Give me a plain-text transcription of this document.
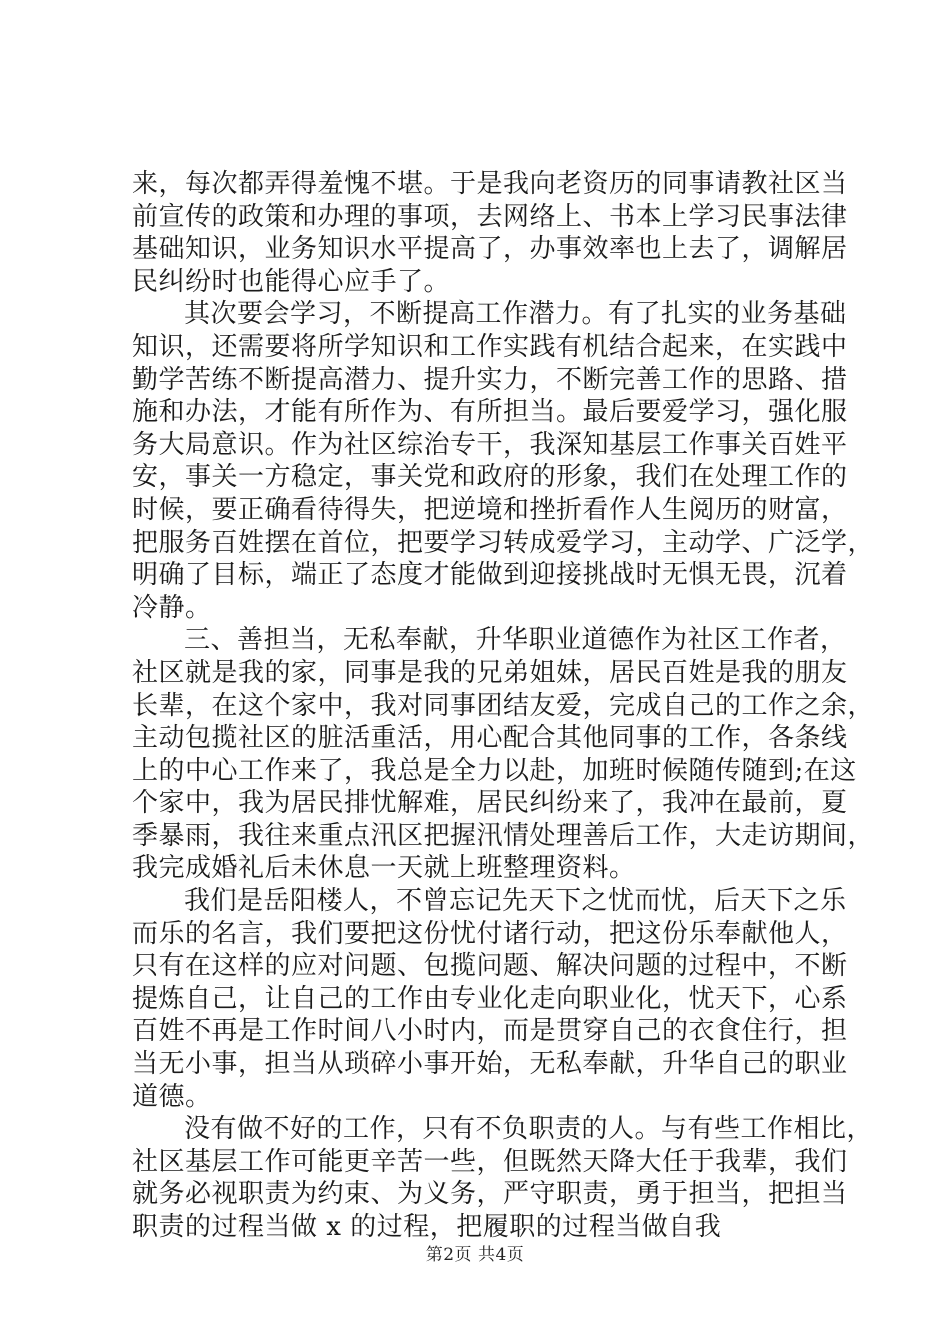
来，每次都弄得羞愧不堪。于是我向老资历的同事请教社区当
前宣传的政策和办理的事项，去网络上、书本上学习民事法律
基础知识，业务知识水平提高了，办事效率也上去了，调解居
民纠纷时也能得心应手了。
其次要会学习，不断提高工作潜力。有了扎实的业务基础
知识，还需要将所学知识和工作实践有机结合起来，在实践中
勤学苦练不断提高潜力、提升实力，不断完善工作的思路、措
施和办法，才能有所作为、有所担当。最后要爱学习，强化服
务大局意识。作为社区综治专干，我深知基层工作事关百姓平
安，事关一方稳定，事关党和政府的形象，我们在处理工作的
时候，要正确看待得失，把逆境和挫折看作人生阅历的财富，
把服务百姓摆在首位，把要学习转成爱学习，主动学、广泛学，
明确了目标，端正了态度才能做到迎接挑战时无惧无畏，沉着
冷静。
三、善担当，无私奉献，升华职业道德作为社区工作者，
社区就是我的家，同事是我的兄弟姐妹，居民百姓是我的朋友
长辈，在这个家中，我对同事团结友爱，完成自己的工作之余，
主动包揽社区的脏活重活，用心配合其他同事的工作，各条线
上的中心工作来了，我总是全力以赴，加班时候随传随到;在这
个家中，我为居民排忧解难，居民纠纷来了，我冲在最前，夏
季暴雨，我往来重点汛区把握汛情处理善后工作，大走访期间，
我完成婚礼后未休息一天就上班整理资料。
我们是岳阳楼人，不曾忘记先天下之忧而忧，后天下之乐
而乐的名言，我们要把这份忧付诸行动，把这份乐奉献他人，
只有在这样的应对问题、包揽问题、解决问题的过程中，不断
提炼自己，让自己的工作由专业化走向职业化，忧天下，心系
百姓不再是工作时间八小时内，而是贯穿自己的衣食住行，担
当无小事，担当从琐碎小事开始，无私奉献，升华自己的职业
道德。
没有做不好的工作，只有不负职责的人。与有些工作相比，
社区基层工作可能更辛苦一些，但既然天降大任于我辈，我们
就务必视职责为约束、为义务，严守职责，勇于担当，把担当
职责的过程当做 x 的过程，把履职的过程当做自我
第2页 共4页
